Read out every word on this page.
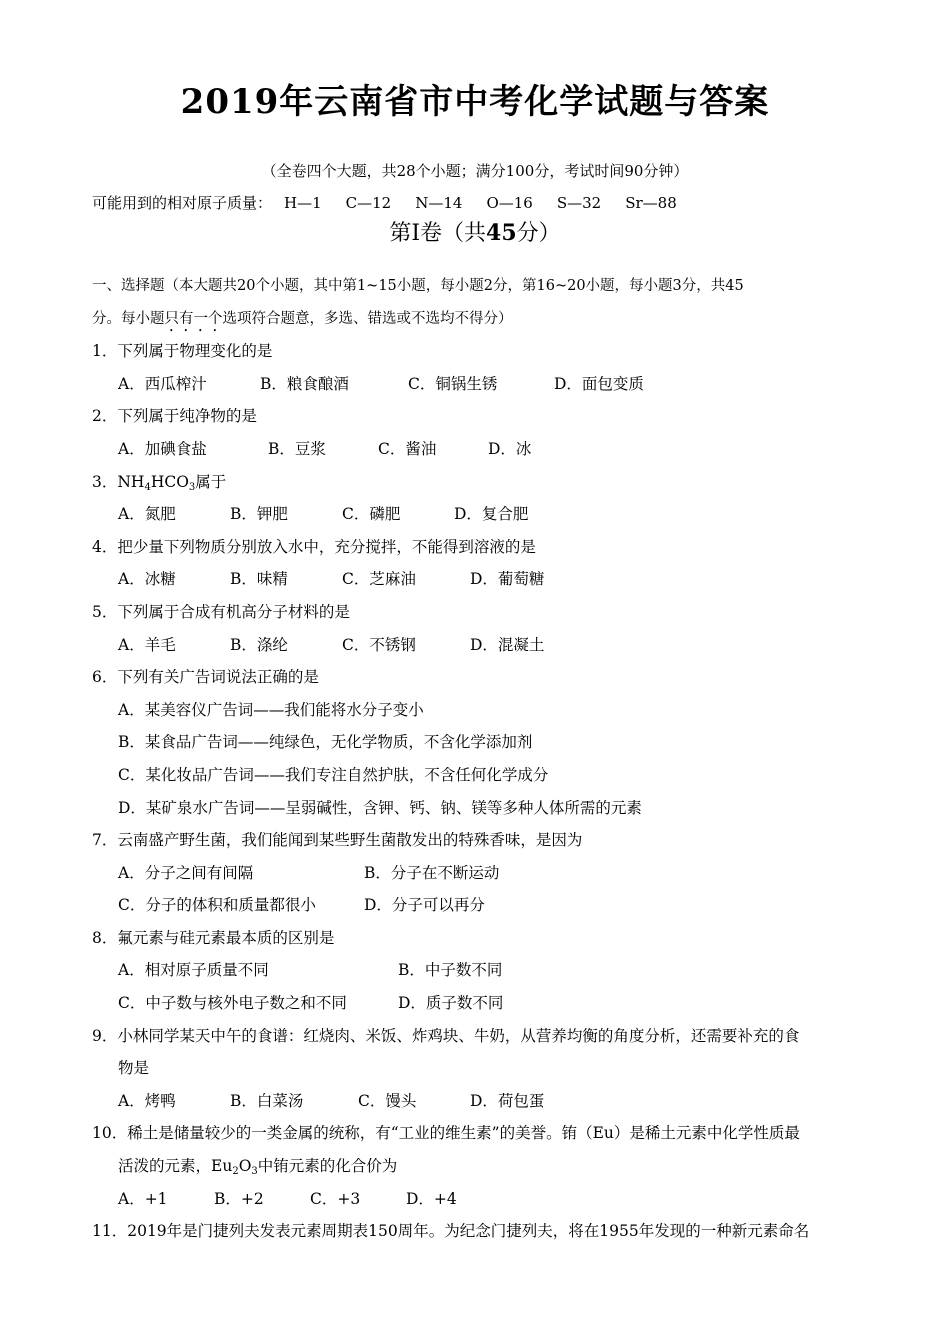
2019年云南省市中考化学试题与答案
（全卷四个大题，共28个小题；满分100分，考试时间90分钟）
可能用到的相对原子质量： H—1 C—12 N—14 O—16 S—32 Sr—88
第Ⅰ卷（共45分）
一、选择题（本大题共20个小题，其中第1~15小题，每小题2分，第16~20小题，每小题3分，共45
分。每小题只有一个选项符合题意，多选、错选或不选均不得分）
1．下列属于物理变化的是
A．西瓜榨汁	B．粮食酿酒	C．铜锅生锈	D．面包变质
2．下列属于纯净物的是
A．加碘食盐	B．豆浆	C．酱油	D．冰
3．$NH_4HCO_3$属于
A．氮肥	B．钾肥	C．磷肥	D．复合肥
4．把少量下列物质分别放入水中，充分搅拌，不能得到溶液的是
A．冰糖	B．味精	C．芝麻油	D．葡萄糖
5．下列属于合成有机高分子材料的是
A．羊毛	B．涤纶	C．不锈钢	D．混凝土
6．下列有关广告词说法正确的是
A．某美容仪广告词——我们能将水分子变小
B．某食品广告词——纯绿色，无化学物质，不含化学添加剂
C．某化妆品广告词——我们专注自然护肤，不含任何化学成分
D．某矿泉水广告词——呈弱碱性，含钾、钙、钠、镁等多种人体所需的元素
7．云南盛产野生菌，我们能闻到某些野生菌散发出的特殊香味，是因为
A．分子之间有间隔	B．分子在不断运动
C．分子的体积和质量都很小	D．分子可以再分
8．氟元素与硅元素最本质的区别是
A．相对原子质量不同	B．中子数不同
C．中子数与核外电子数之和不同	D．质子数不同
9．小林同学某天中午的食谱：红烧肉、米饭、炸鸡块、牛奶，从营养均衡的角度分析，还需要补充的食
物是
A．烤鸭	B．白菜汤	C．馒头	D．荷包蛋
10．稀土是储量较少的一类金属的统称，有“工业的维生素”的美誉。铕（Eu）是稀土元素中化学性质最
活泼的元素，$Eu_2O_3$中铕元素的化合价为
A．+1	B．+2	C．+3	D．+4
11．2019年是门捷列夫发表元素周期表150周年。为纪念门捷列夫，将在1955年发现的一种新元素命名
